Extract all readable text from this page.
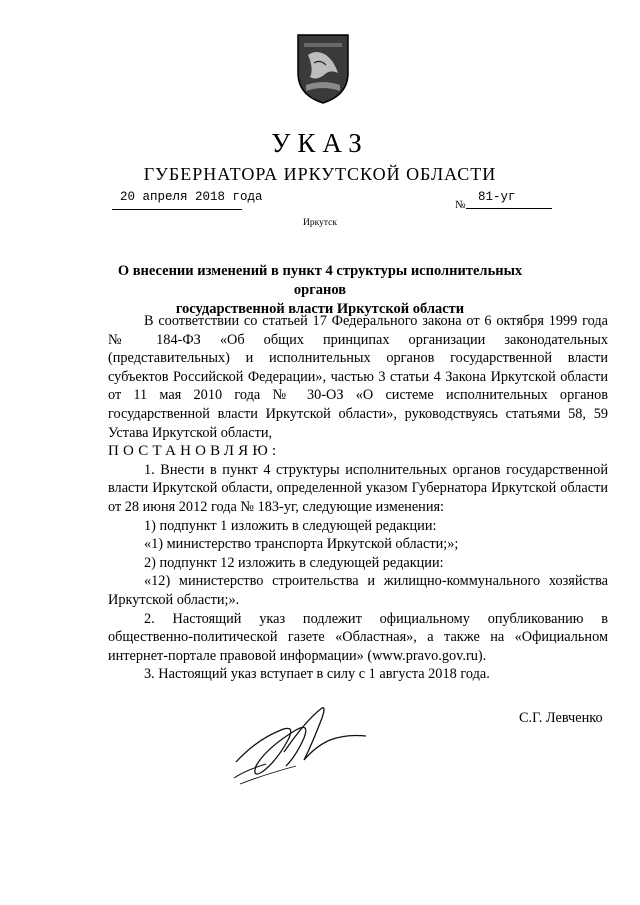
УКАЗ
ГУБЕРНАТОРА ИРКУТСКОЙ ОБЛАСТИ
20 апреля 2018 года
№
81-уг
Иркутск
О внесении изменений в пункт 4 структуры исполнительных органов
государственной власти Иркутской области

В соответствии со статьей 17 Федерального закона от 6 октября 1999 года № 184-ФЗ «Об общих принципах организации законодательных (представительных) и исполнительных органов государственной власти субъектов Российской Федерации», частью 3 статьи 4 Закона Иркутской области от 11 мая 2010 года № 30-ОЗ «О системе исполнительных органов государственной власти Иркутской области», руководствуясь статьями 58, 59 Устава Иркутской области,

ПОСТАНОВЛЯЮ:

1. Внести в пункт 4 структуры исполнительных органов государственной власти Иркутской области, определенной указом Губернатора Иркутской области от 28 июня 2012 года № 183-уг, следующие изменения:

1) подпункт 1 изложить в следующей редакции:

«1) министерство транспорта Иркутской области;»;

2) подпункт 12 изложить в следующей редакции:

«12) министерство строительства и жилищно-коммунального хозяйства Иркутской области;».

2. Настоящий указ подлежит официальному опубликованию в общественно-политической газете «Областная», а также на «Официальном интернет-портале правовой информации» (www.pravo.gov.ru).

3. Настоящий указ вступает в силу с 1 августа 2018 года.

С.Г. Левченко
